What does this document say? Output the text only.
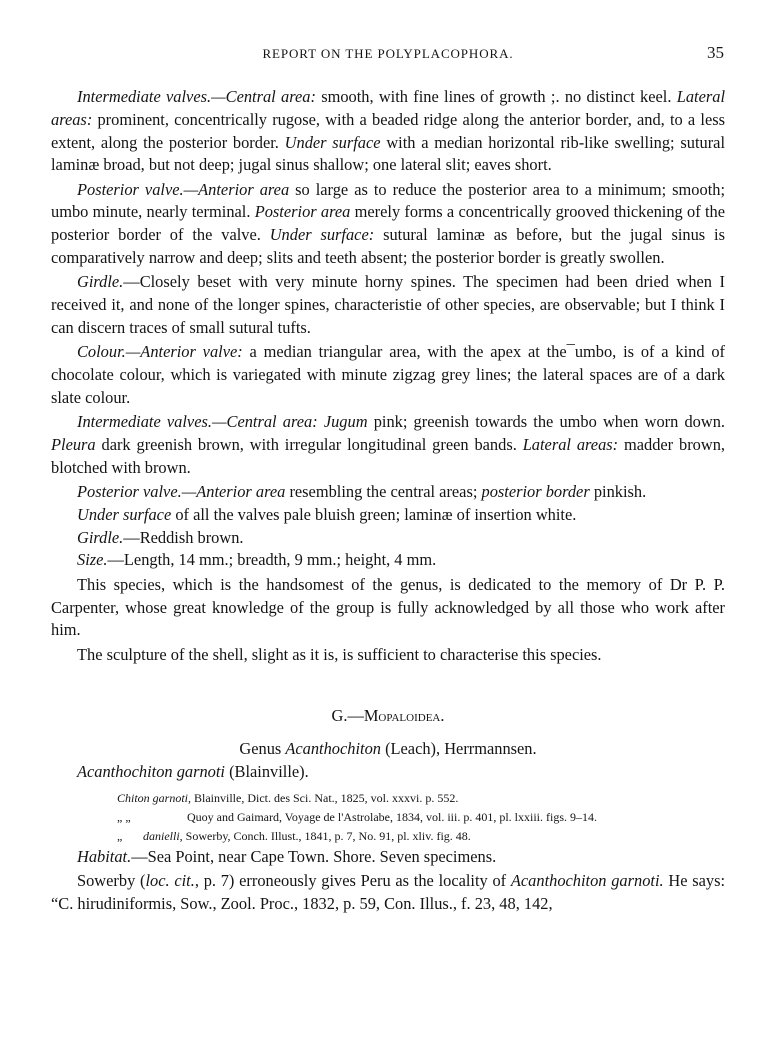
REPORT ON THE POLYPLACOPHORA.	35

Intermediate valves.—Central area: smooth, with fine lines of growth ;. no distinct keel. Lateral areas: prominent, concentrically rugose, with a beaded ridge along the anterior border, and, to a less extent, along the posterior border. Under surface with a median horizontal rib-like swelling; sutural laminæ broad, but not deep; jugal sinus shallow; one lateral slit; eaves short.

Posterior valve.—Anterior area so large as to reduce the posterior area to a minimum; smooth; umbo minute, nearly terminal. Posterior area merely forms a concentrically grooved thickening of the posterior border of the valve. Under surface: sutural laminæ as before, but the jugal sinus is comparatively narrow and deep; slits and teeth absent; the posterior border is greatly swollen.

Girdle.—Closely beset with very minute horny spines. The specimen had been dried when I received it, and none of the longer spines, characteristie of other species, are observable; but I think I can discern traces of small sutural tufts.

Colour.—Anterior valve: a median triangular area, with the apex at the¯umbo, is of a kind of chocolate colour, which is variegated with minute zigzag grey lines; the lateral spaces are of a dark slate colour.

Intermediate valves.—Central area: Jugum pink; greenish towards the umbo when worn down. Pleura dark greenish brown, with irregular longitudinal green bands. Lateral areas: madder brown, blotched with brown.

Posterior valve.—Anterior area resembling the central areas; posterior border pinkish.

Under surface of all the valves pale bluish green; laminæ of insertion white.

Girdle.—Reddish brown.

Size.—Length, 14 mm.; breadth, 9 mm.; height, 4 mm.

This species, which is the handsomest of the genus, is dedicated to the memory of Dr P. P. Carpenter, whose great knowledge of the group is fully acknowledged by all those who work after him.

The sculpture of the shell, slight as it is, is sufficient to characterise this species.

G.—Mopaloidea.
Genus Acanthochiton (Leach), Herrmannsen.

Acanthochiton garnoti (Blainville).

Chiton garnoti, Blainville, Dict. des Sci. Nat., 1825, vol. xxxvi. p. 552.
„ „	Quoy and Gaimard, Voyage de l'Astrolabe, 1834, vol. iii. p. 401, pl. lxxiii. figs. 9–14.
„ danielli, Sowerby, Conch. Illust., 1841, p. 7, No. 91, pl. xliv. fig. 48.

Habitat.—Sea Point, near Cape Town. Shore. Seven specimens.

Sowerby (loc. cit., p. 7) erroneously gives Peru as the locality of Acanthochiton garnoti. He says: “C. hirudiniformis, Sow., Zool. Proc., 1832, p. 59, Con. Illus., f. 23, 48, 142,
